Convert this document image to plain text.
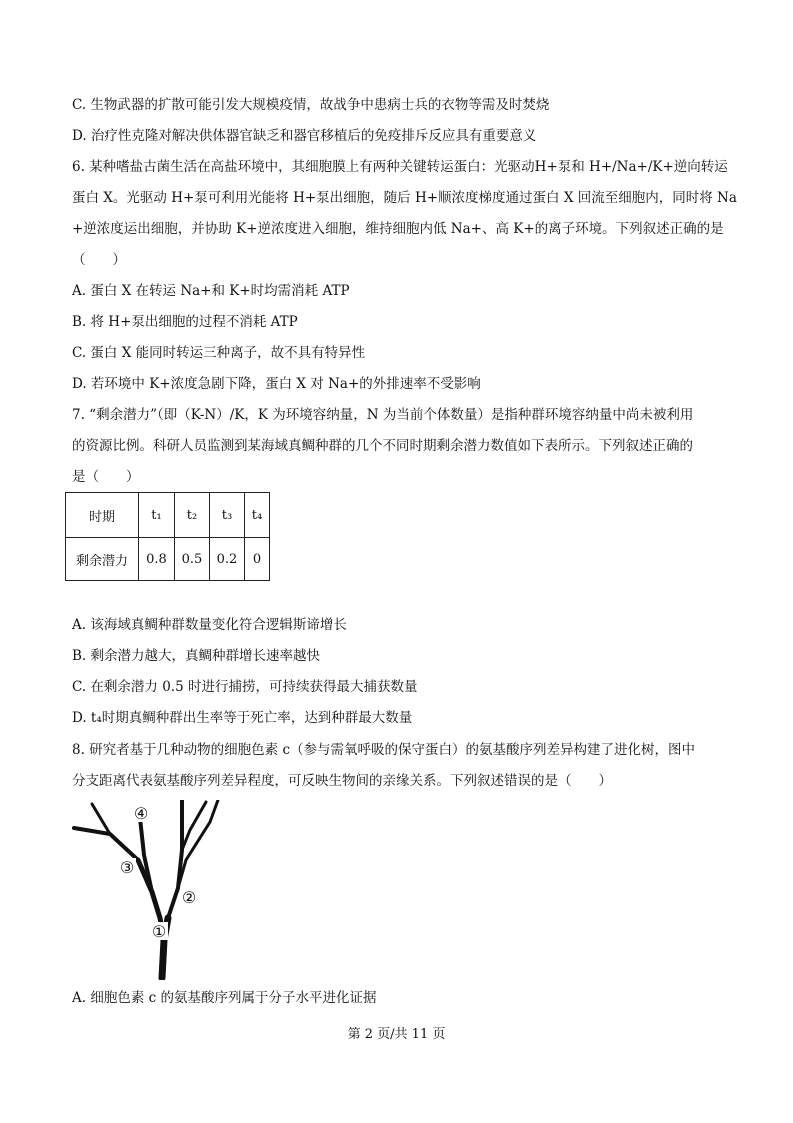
C. 生物武器的扩散可能引发大规模疫情，故战争中患病士兵的衣物等需及时焚烧
D. 治疗性克隆对解决供体器官缺乏和器官移植后的免疫排斥反应具有重要意义
6. 某种嗜盐古菌生活在高盐环境中，其细胞膜上有两种关键转运蛋白：光驱动H+泵和 H+/Na+/K+逆向转运
蛋白 X。光驱动 H+泵可利用光能将 H+泵出细胞，随后 H+顺浓度梯度通过蛋白 X 回流至细胞内，同时将 Na
+逆浓度运出细胞，并协助 K+逆浓度进入细胞，维持细胞内低 Na+、高 K+的离子环境。下列叙述正确的是
（　　）
A. 蛋白 X 在转运 Na+和 K+时均需消耗 ATP
B. 将 H+泵出细胞的过程不消耗 ATP
C. 蛋白 X 能同时转运三种离子，故不具有特异性
D. 若环境中 K+浓度急剧下降，蛋白 X 对 Na+的外排速率不受影响
7. “剩余潜力”（即（K-N）/K，K 为环境容纳量，N 为当前个体数量）是指种群环境容纳量中尚未被利用
的资源比例。科研人员监测到某海域真鲷种群的几个不同时期剩余潜力数值如下表所示。下列叙述正确的
是（　　）
时期	t₁	t₂	t₃	t₄
剩余潜力	0.8	0.5	0.2	0
A. 该海域真鲷种群数量变化符合逻辑斯谛增长
B. 剩余潜力越大，真鲷种群增长速率越快
C. 在剩余潜力 0.5 时进行捕捞，可持续获得最大捕获数量
D. t₄时期真鲷种群出生率等于死亡率，达到种群最大数量
8. 研究者基于几种动物的细胞色素 c（参与需氧呼吸的保守蛋白）的氨基酸序列差异构建了进化树，图中
分支距离代表氨基酸序列差异程度，可反映生物间的亲缘关系。下列叙述错误的是（　　）
①
②
③
④
A. 细胞色素 c 的氨基酸序列属于分子水平进化证据
第 2 页/共 11 页
